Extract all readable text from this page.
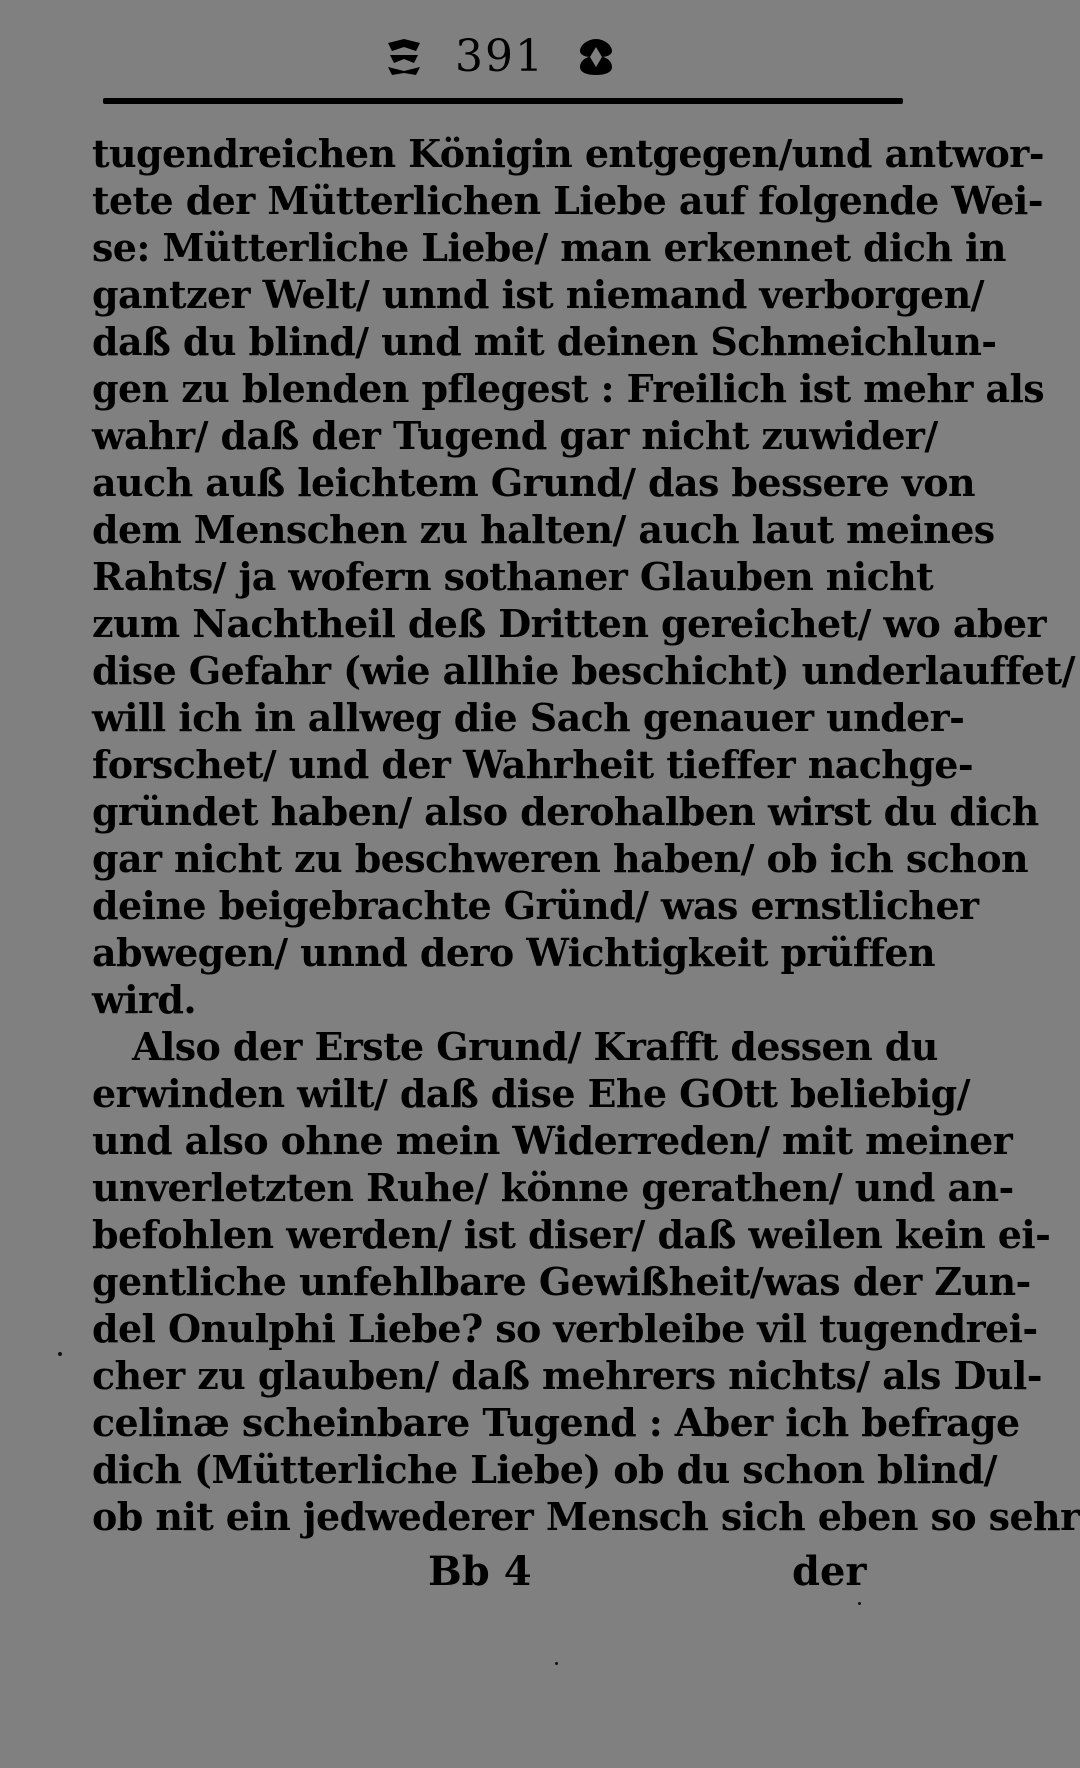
391
tugendreichen Königin entgegen/und antwor-
tete der Mütterlichen Liebe auf folgende Wei-
se: Mütterliche Liebe/ man erkennet dich in
gantzer Welt/ unnd ist niemand verborgen/
daß du blind/ und mit deinen Schmeichlun-
gen zu blenden pflegest : Freilich ist mehr als
wahr/ daß der Tugend gar nicht zuwider/
auch auß leichtem Grund/ das bessere von
dem Menschen zu halten/ auch laut meines
Rahts/ ja wofern sothaner Glauben nicht
zum Nachtheil deß Dritten gereichet/ wo aber
dise Gefahr (wie allhie beschicht) underlauffet/
will ich in allweg die Sach genauer under-
forschet/ und der Wahrheit tieffer nachge-
gründet haben/ also derohalben wirst du dich
gar nicht zu beschweren haben/ ob ich schon
deine beigebrachte Gründ/ was ernstlicher
abwegen/ unnd dero Wichtigkeit prüffen
wird.
Also der Erste Grund/ Krafft dessen du
erwinden wilt/ daß dise Ehe GOtt beliebig/
und also ohne mein Widerreden/ mit meiner
unverletzten Ruhe/ könne gerathen/ und an-
befohlen werden/ ist diser/ daß weilen kein ei-
gentliche unfehlbare Gewißheit/was der Zun-
del Onulphi Liebe? so verbleibe vil tugendrei-
cher zu glauben/ daß mehrers nichts/ als Dul-
celinæ scheinbare Tugend : Aber ich befrage
dich (Mütterliche Liebe) ob du schon blind/
ob nit ein jedwederer Mensch sich eben so sehr
Bb 4	der
